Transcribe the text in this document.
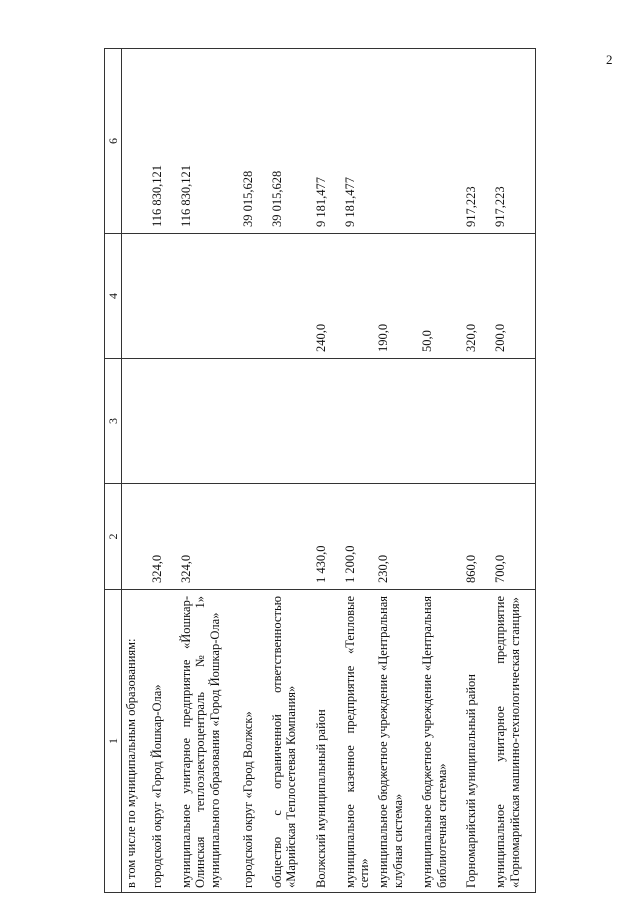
2
1	2	3	4	6
в том числе по муниципальным образованиям:				
городской округ «Город Йошкар-Ола»	324,0			116 830,121
муниципальное унитарное предприятие «Йошкар-Олинская теплоэлектроцентраль № 1» муниципального образования «Город Йошкар-Ола»	324,0			116 830,121
городской округ «Город Волжск»				39 015,628
общество с ограниченной ответственностью «Марийская Теплосетевая Компания»				39 015,628
Волжский муниципальный район	1 430,0		240,0	9 181,477
муниципальное казенное предприятие «Тепловые сети»	1 200,0			9 181,477
муниципальное бюджетное учреждение «Центральная клубная система»	230,0		190,0	
муниципальное бюджетное учреждение «Центральная библиотечная система»			50,0	
Горномарийский муниципальный район	860,0		320,0	917,223
муниципальное унитарное предприятие «Горномарийская машинно-технологическая станция»	700,0		200,0	917,223
